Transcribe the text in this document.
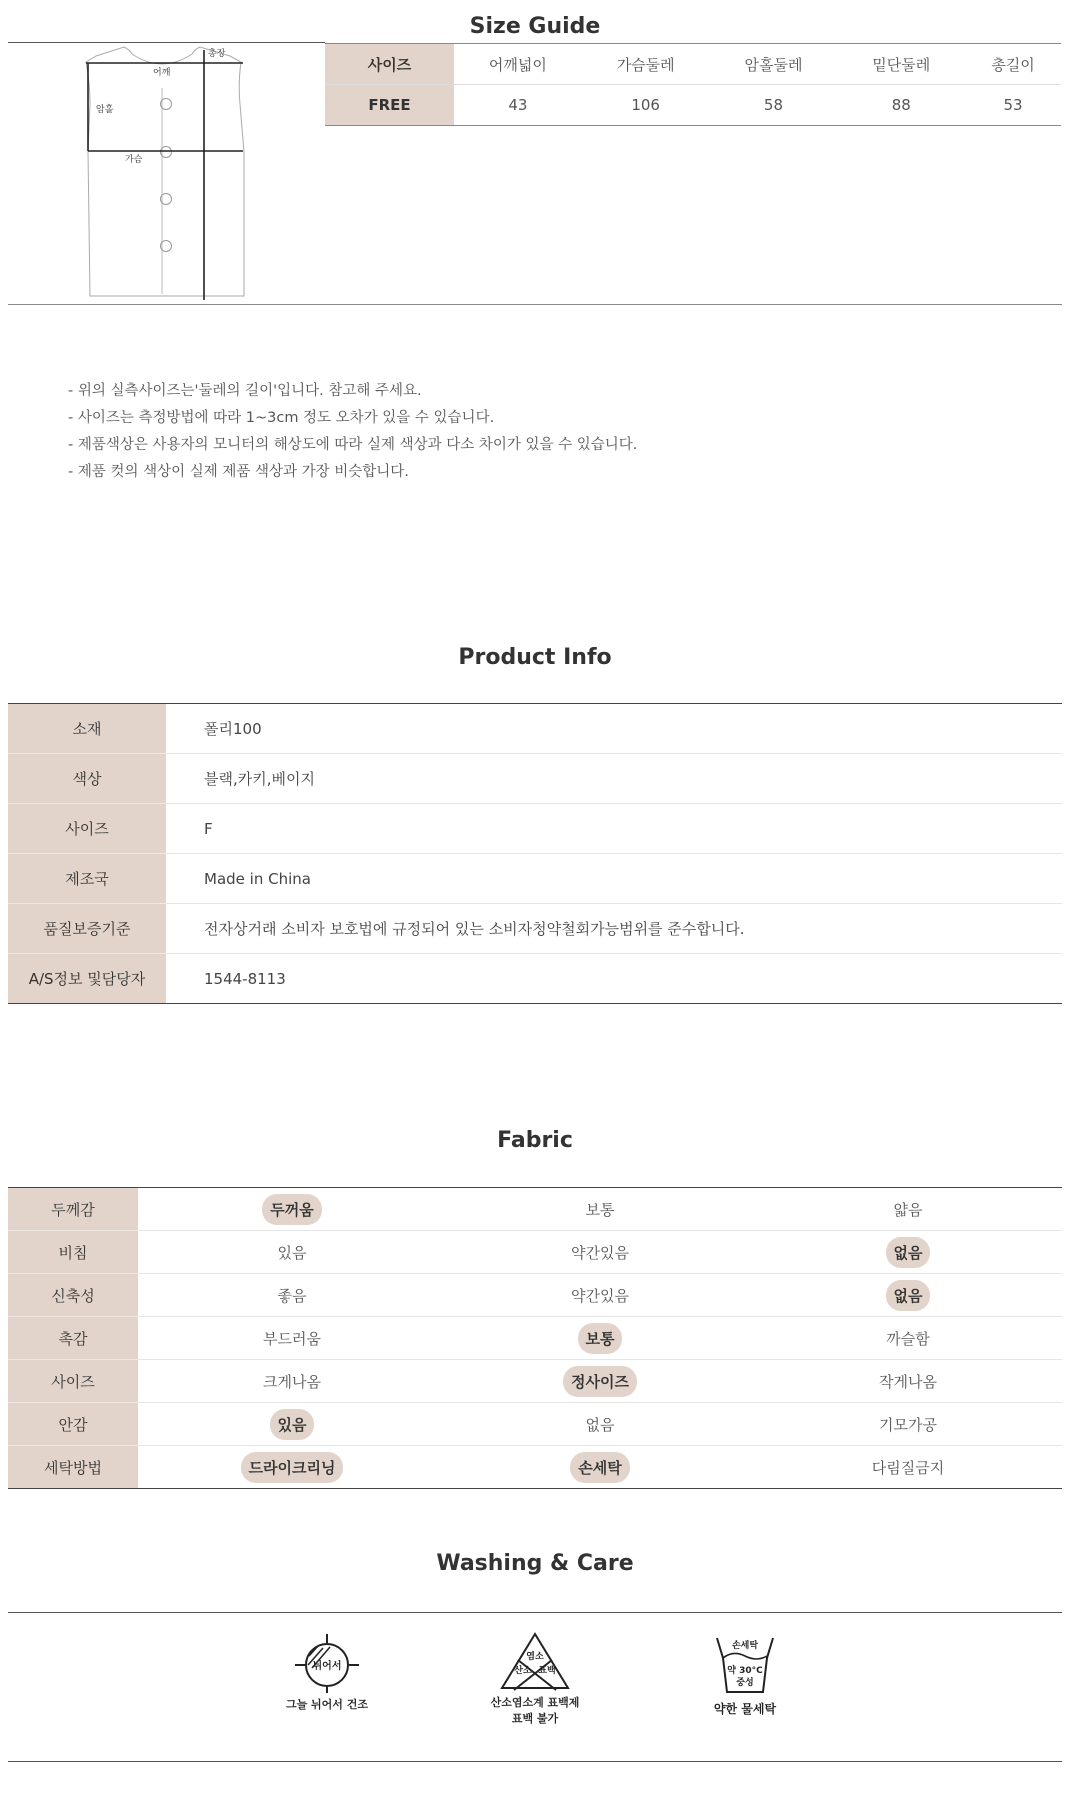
Size Guide
어깨
총장
암홀
가슴
사이즈	어깨넓이	가슴둘레	암홀둘레	밑단둘레	총길이
FREE	43	106	58	88	53
- 위의 실측사이즈는'둘레의 길이'입니다. 참고해 주세요.
- 사이즈는 측정방법에 따라 1~3cm 정도 오차가 있을 수 있습니다.
- 제품색상은 사용자의 모니터의 해상도에 따라 실제 색상과 다소 차이가 있을 수 있습니다.
- 제품 컷의 색상이 실제 제품 색상과 가장 비슷합니다.
Product Info
소재	폴리100
색상	블랙,카키,베이지
사이즈	F
제조국	Made in China
품질보증기준	전자상거래 소비자 보호법에 규정되어 있는 소비자청약철회가능범위를 준수합니다.
A/S정보 및담당자	1544-8113
Fabric
두께감	두꺼움	보통	얇음
비침	있음	약간있음	없음
신축성	좋음	약간있음	없음
촉감	부드러움	보통	까슬함
사이즈	크게나옴	정사이즈	작게나옴
안감	있음	없음	기모가공
세탁방법	드라이크리닝	손세탁	다림질금지
Washing & Care
뉘어서
그늘 뉘어서 건조
염소
산소 표백
산소염소계 표백제
표백 불가
손세탁
약 30°C
중성
약한 물세탁
